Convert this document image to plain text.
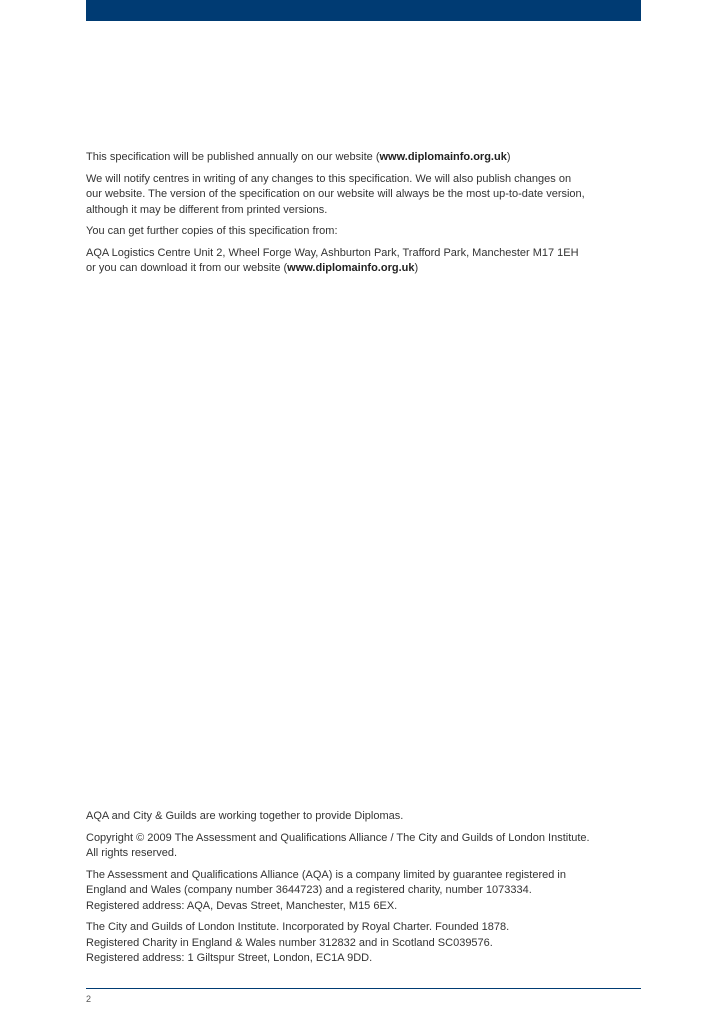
This specification will be published annually on our website (www.diplomainfo.org.uk)

We will notify centres in writing of any changes to this specification. We will also publish changes on
our website. The version of the specification on our website will always be the most up-to-date version,
although it may be different from printed versions.

You can get further copies of this specification from:

AQA Logistics Centre Unit 2, Wheel Forge Way, Ashburton Park, Trafford Park, Manchester M17 1EH
or you can download it from our website (www.diplomainfo.org.uk)

AQA and City & Guilds are working together to provide Diplomas.

Copyright © 2009 The Assessment and Qualifications Alliance / The City and Guilds of London Institute.
All rights reserved.

The Assessment and Qualifications Alliance (AQA) is a company limited by guarantee registered in
England and Wales (company number 3644723) and a registered charity, number 1073334.
Registered address: AQA, Devas Street, Manchester, M15 6EX.

The City and Guilds of London Institute. Incorporated by Royal Charter. Founded 1878.
Registered Charity in England & Wales number 312832 and in Scotland SC039576.
Registered address: 1 Giltspur Street, London, EC1A 9DD.

2
